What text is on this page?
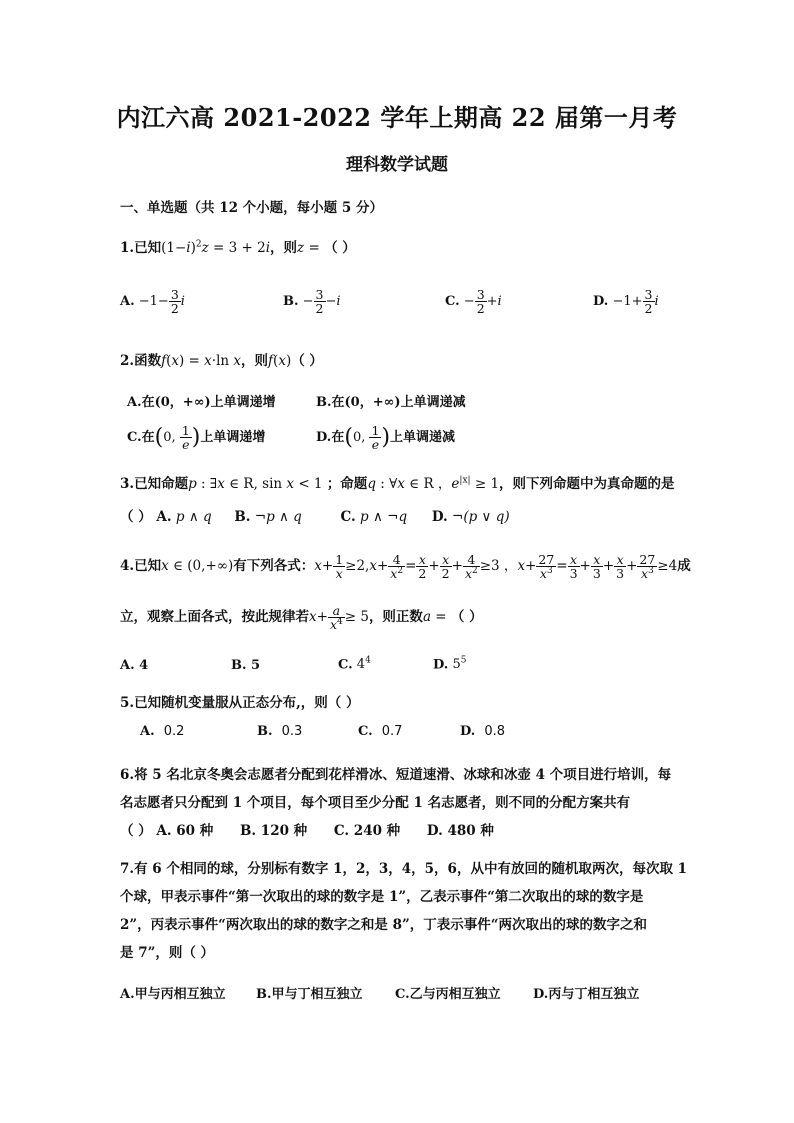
内江六高 2021-2022 学年上期高 22 届第一月考
理科数学试题
一、单选题（共 12 个小题，每小题 5 分）
1.已知$(1-i)^2z = 3 + 2i$，则z = （ ）
A. $-1- \frac{3}{2}$ i	B. − $\frac{3}{2} -i$	C. − $\frac{3}{2} +i$	D. $-1+ \frac{3}{2}$ i
2.函数f(x) = x·ln x，则f(x)（ ）
A.在(0，+∞)上单调递增	B.在(0，+∞)上单调递减
C.在(0, $\frac{1}{e}$ )上单调递增	D.在(0, $\frac{1}{e}$ )上单调递减
3.已知命题p : ∃x ∈ R, sin x < 1 ；命题q : ∀x ∈ R ，$e^{|x|} \ge 1$，则下列命题中为真命题的是
（ ） A. p ∧ q B. ¬p ∧ q	C. p ∧ ¬q D. ¬(p ∨ q)
4.已知x ∈ (0,+∞)有下列各式：$x+ \frac{1}{x} \ge 2,x+ \frac{4}{x^2} = \frac{x}{2} + \frac{x}{2} + \frac{4}{x^2} \ge 3$ ，$x+ \frac{27}{x^3} = \frac{x}{3} + \frac{x}{3} + \frac{x}{3} + \frac{27}{x^3} \ge 4$成
立，观察上面各式，按此规律若$x+ \frac{a}{x^4} \ge 5$，则正数a = （ ）
A. 4	B. 5	C. $4^4$	D. $5^5$
5.已知随机变量服从正态分布,，则（ ）
A. 0.2	B. 0.3	C. 0.7	D. 0.8
6.将 5 名北京冬奥会志愿者分配到花样滑冰、短道速滑、冰球和冰壶 4 个项目进行培训，每
名志愿者只分配到 1 个项目，每个项目至少分配 1 名志愿者，则不同的分配方案共有
（ ） A. 60 种 B. 120 种 C. 240 种 D. 480 种
7.有 6 个相同的球，分别标有数字 1，2，3，4，5，6，从中有放回的随机取两次，每次取 1
个球，甲表示事件“第一次取出的球的数字是 1”，乙表示事件“第二次取出的球的数字是
2”，丙表示事件“两次取出的球的数字之和是 8”，丁表示事件“两次取出的球的数字之和
是 7”，则（ ）
A.甲与丙相互独立 B.甲与丁相互独立 C.乙与丙相互独立 D.丙与丁相互独立
